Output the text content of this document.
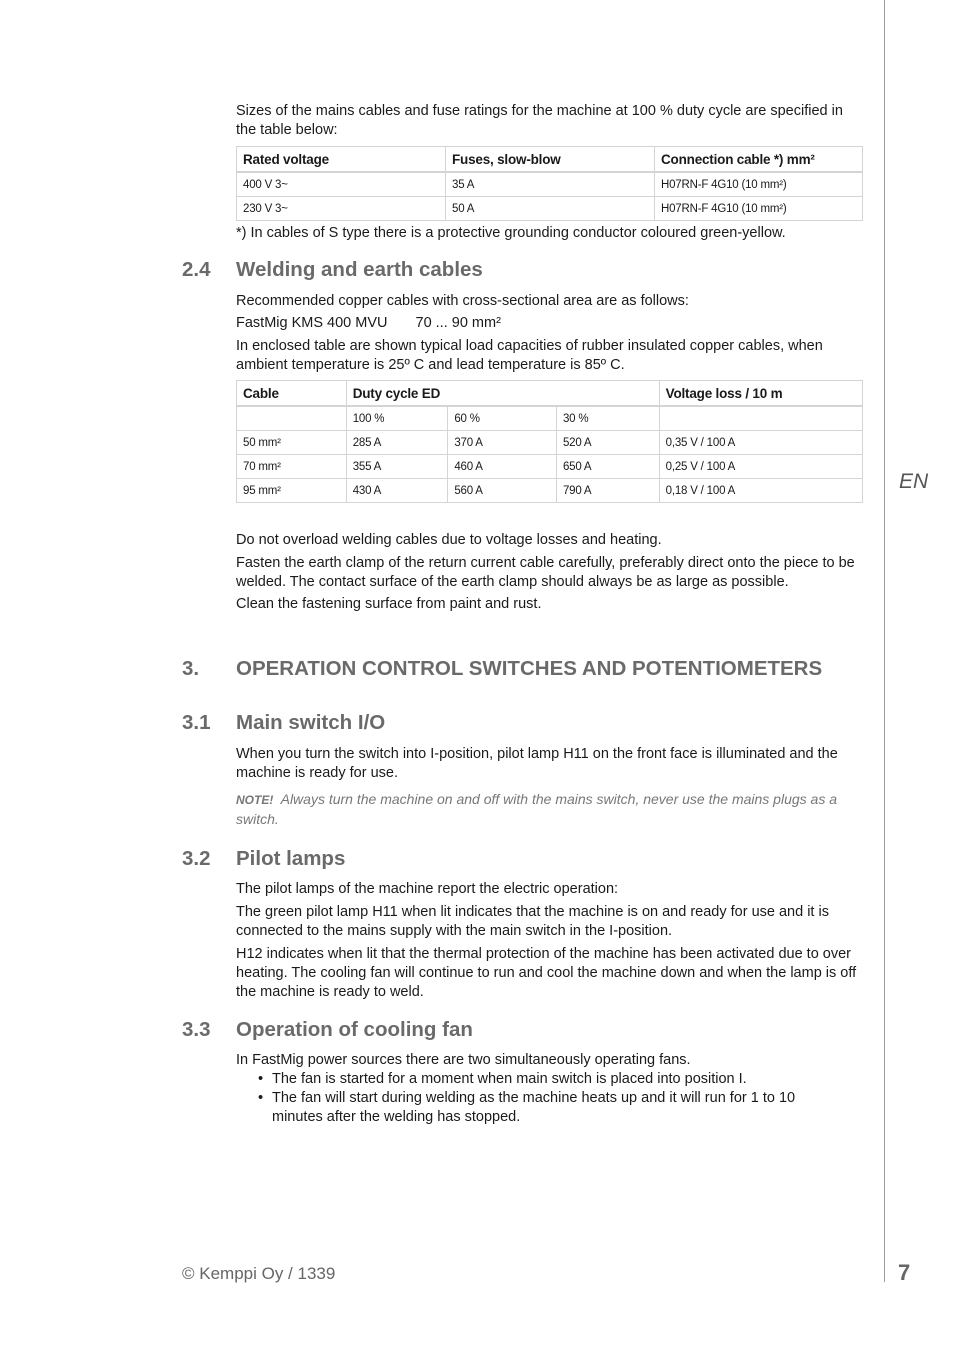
EN

Sizes of the mains cables and fuse ratings for the machine at 100 % duty cycle are specified in the table below:

Rated voltage	Fuses, slow-blow	Connection cable *) mm²
400 V 3~	35 A	H07RN-F 4G10 (10 mm²)
230 V 3~	50 A	H07RN-F 4G10 (10 mm²)

*) In cables of S type there is a protective grounding conductor coloured green-yellow.

2.4 Welding and earth cables

Recommended copper cables with cross-sectional area are as follows:

FastMig KMS 400 MVU 70 ... 90 mm²

In enclosed table are shown typical load capacities of rubber insulated copper cables, when ambient temperature is 25º C and lead temperature is 85º C.

Cable	Duty cycle ED			Voltage loss / 10 m
	100 %	60 %	30 %	
50 mm²	285 A	370 A	520 A	0,35 V / 100 A
70 mm²	355 A	460 A	650 A	0,25 V / 100 A
95 mm²	430 A	560 A	790 A	0,18 V / 100 A

Do not overload welding cables due to voltage losses and heating.

Fasten the earth clamp of the return current cable carefully, preferably direct onto the piece to be welded. The contact surface of the earth clamp should always be as large as possible.

Clean the fastening surface from paint and rust.

3. OPERATION CONTROL SWITCHES AND POTENTIOMETERS
3.1 Main switch I/O

When you turn the switch into I-position, pilot lamp H11 on the front face is illuminated and the machine is ready for use.

NOTE! Always turn the machine on and off with the mains switch, never use the mains plugs as a switch.

3.2 Pilot lamps

The pilot lamps of the machine report the electric operation:

The green pilot lamp H11 when lit indicates that the machine is on and ready for use and it is connected to the mains supply with the main switch in the I-position.

H12 indicates when lit that the thermal protection of the machine has been activated due to over heating. The cooling fan will continue to run and cool the machine down and when the lamp is off the machine is ready to weld.

3.3 Operation of cooling fan

In FastMig power sources there are two simultaneously operating fans.

• The fan is started for a moment when main switch is placed into position I.
• The fan will start during welding as the machine heats up and it will run for 1 to 10 minutes after the welding has stopped.
© Kemppi Oy / 1339	7
